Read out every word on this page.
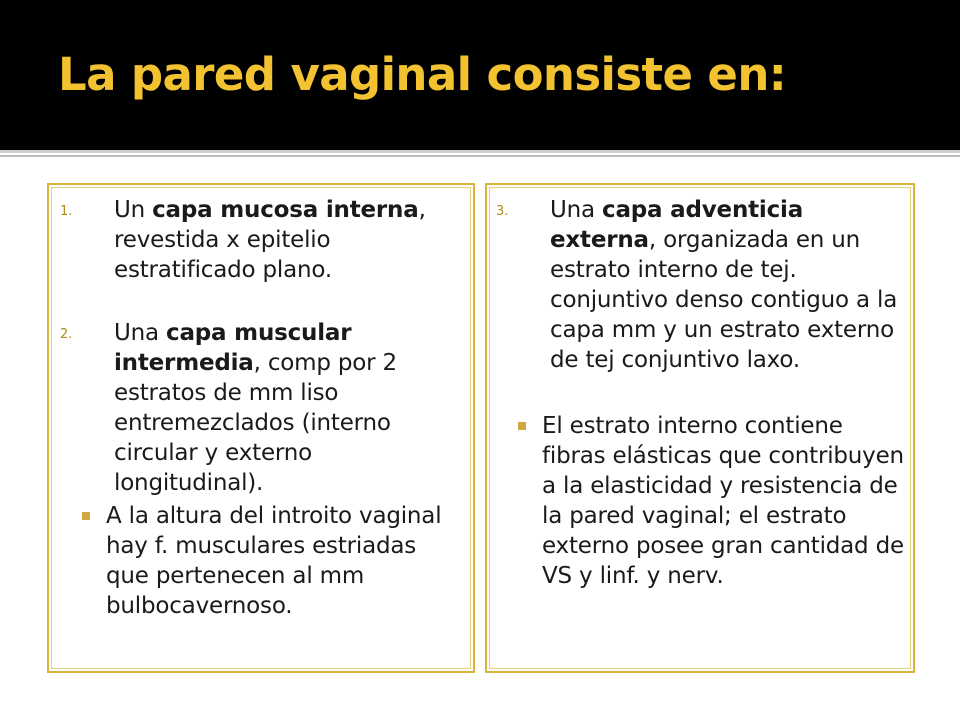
La pared vaginal consiste en:
1. Un capa mucosa interna, revestida x epitelio estratificado plano.
2. Una capa muscular intermedia, comp por 2 estratos de mm liso entremezclados (interno circular y externo longitudinal).
A la altura del introito vaginal hay f. musculares estriadas que pertenecen al mm bulbocavernoso.
3. Una capa adventicia externa, organizada en un estrato interno de tej. conjuntivo denso contiguo a la capa mm y un estrato externo de tej conjuntivo laxo.
El estrato interno contiene fibras elásticas que contribuyen a la elasticidad y resistencia de la pared vaginal; el estrato externo posee gran cantidad de VS y linf. y nerv.
